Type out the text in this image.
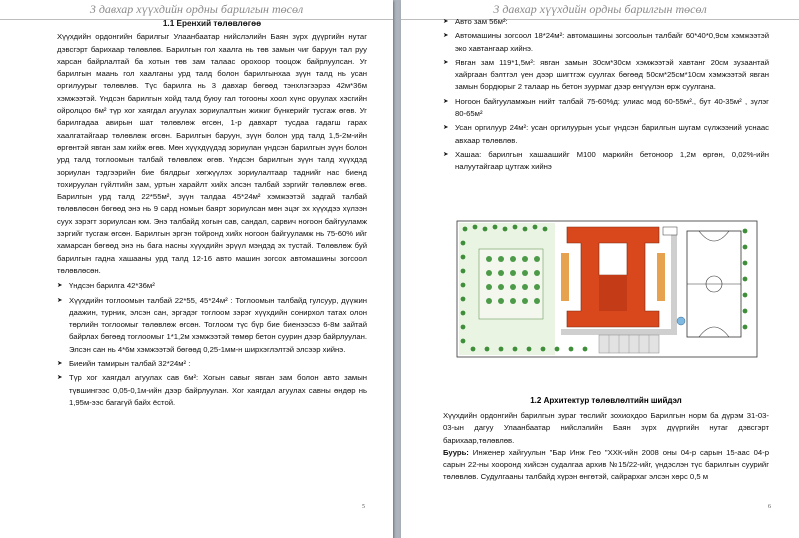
3 давхар хүүхдийн ордны барилгын төсөл
1.1 Еренхий төлөвлөгөө

Хүүхдийн ордонгийн барилгыг Улаанбаатар нийслэлийн Баян зүрх дүүргийн нутаг дэвсгэрт барихаар төлөвлөв. Барилгын гол хаалга нь төв замын чиг баруун тал руу харсан байрлалтай ба хотын төв зам талаас орохоор тооцож байрлуулсан. Уг барилгын маань гол хаалганы урд талд болон барилгынхаа зүүн талд нь усан оргилуурыг төлөвлөв. Түс барилга нь 3 давхар бөгөөд тэнхлэгээрээ 42м*36м хэмжээтэй. Үндсэн барилгын хойд талд буюу гал тогооны хоол хүнс оруулах хэсгийн ойролцоо 6м² түр хог хаягдал агуулах зориулалтын жижиг бүнкерийг тусгаж өгөв. Уг барилгадаа авирын шат төлөвлөж өгсөн, 1-р давхарт тусдаа гадагш гарах хаалгатайгаар төлөвлөж өгсөн. Барилгын баруун, зүүн болон урд талд 1,5-2м-ийн өргөнтэй явган зам хийж өгөв. Мөн хүүхдүүдэд зориулан үндсэн барилгын зүүн болон урд талд тоглоомын талбай төлөвлөж өгөв. Үндсэн барилгын зүүн талд хүүхдэд зориулан тэдгээрийн бие бялдрыг хөгжүүлэх зориулалтаар таднийг нас биенд тохируулан гүйлтийн зам, уртын харайлт хийх элсэн талбай зэргийг төлөвлөж өгөв. Барилгын урд талд 22*55м², зүүн талдаа 45*24м² хэмжээтэй задгай талбай төлөвлөсөн бөгөөд энэ нь 9 сард номын баярт зориулсан мөн эцэг эх хүүхдээ хүлээн суух зэрэгт зориулсан юм. Энэ талбайд хогын сав, сандал, сарвич ногоон байгууламж зэргийг тусгаж өгсөн. Барилгын эргэн тойронд хийх ногоон байгууламж нь 75-60% ийг хамарсан бөгөөд энэ нь бага насны хүүхдийн эрүүл мэндэд эх тустай. Төлөвлөж буй барилгын гадна хашааны урд талд 12-16 авто машин зогсох автомашины зогсоол төлөвлөсөн.

➤ Үндсэн барилга 42*36м²
➤ Хүүхдийн тоглоомын талбай 22*55, 45*24м² : Тоглоомын талбайд гулсуур, дүүжин даажин, турник, элсэн сан, эргэдэг тоглоом зэрэг хүүхдийн сонирхол татах олон төрлийн тоглоомыг төлөвлөж өгсөн. Тоглоом түс бүр бие биенээсээ 6-8м зайтай байрлах бөгөөд тоглоомыг 1*1,2м хэмжээтэй төмөр бетон суурин дээр байрлуулан. Элсэн сан нь 4*6м хэмжээтэй бөгөөд 0,25-1мм-н ширхэглэлтэй элсээр хийнэ.
➤ Биеийн тамирын талбай 32*24м² :
➤ Түр хог хаягдал агуулах сав 6м²: Хогын савыг явган зам болон авто замын түвшингээс 0,05-0,1м-ийн дээр байрлуулан. Хог хаягдал агуулах савны өндөр нь 1,95м-ээс багагүй байх ёстой.
5
3 давхар хүүхдийн ордны барилгын төсөл
➤ Авто зам 56м²:
➤ Автомашины зогсоол 18*24м²: автомашины зогсоолын талбайг 60*40*0,9см хэмжээтэй эко хавтангаар хийнэ.
➤ Явган зам 119*1,5м²: явган замын 30см*30см хэмжээтэй хавтанг 20см зузаантай хайргаан бэлтгэл үен дээр шигтгэж суулгах бөгөөд 50см*25см*10см хэмжээтэй явган замын бордюрыг 2 талаар нь бетон зуурмаг дээр өнгүүлэн өрж суулгана.
➤ Ногоон байгууламжын нийт талбай 75-60%д: улиас мод 60-55м²., бут 40-35м² , зүлэг 80-65м²
➤ Усан оргилуур 24м²: усан оргилуурын усыг үндсэн барилгын шугам сүлжээний уснаас авхаар төлөвлөв.
➤ Хашаа: барилгын хашаашийг М100 маркийн бетоноор 1,2м өргөн, 0,02%-ийн налуутайгаар цутгаж хийнэ
1.2 Архитектур төлөвлөлтийн шийдэл

Хүүхдийн ордонгийн барилгын зураг төслийг зохиохдоо Барилгын норм ба дүрэм 31-03-03-ын дагуу Улаанбаатар нийслэлийн Баян зүрх дүүргийн нутаг дэвсгэрт барихаар,төлөвлөв.

Буурь: Инженер хайгуулын "Бар Инж Гео "ХХК-ийн 2008 оны 04-р сарын 15-аас 04-р сарын 22-ны хооронд хийсэн судалгаа архив №15/22-ийг, үндэслэн түс барилгын суурийг төлөвлөв. Судулгааны талбайд хүрэн өнгөтэй, сайрархаг элсэн хөрс 0,5 м

6
